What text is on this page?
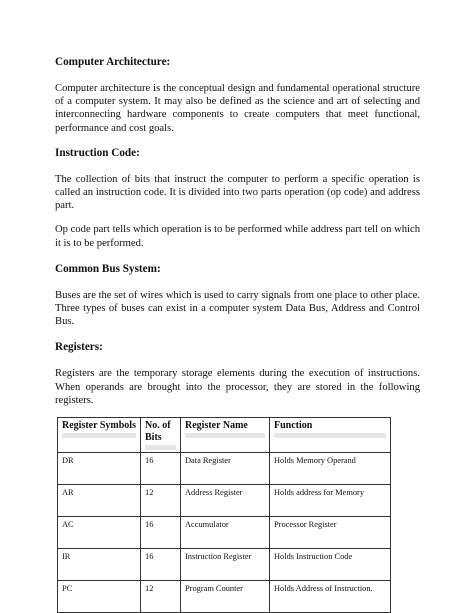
Computer Architecture:

Computer architecture is the conceptual design and fundamental operational structure of a computer system. It may also be defined as the science and art of selecting and interconnecting hardware components to create computers that meet functional, performance and cost goals.

Instruction Code:

The collection of bits that instruct the computer to perform a specific operation is called an instruction code. It is divided into two parts operation (op code) and address part.

Op code part tells which operation is to be performed while address part tell on which it is to be performed.

Common Bus System:

Buses are the set of wires which is used to carry signals from one place to other place. Three types of buses can exist in a computer system Data Bus, Address and Control Bus.

Registers:

Registers are the temporary storage elements during the execution of instructions. When operands are brought into the processor, they are stored in the following registers.

Register Symbols	No. of Bits	Register Name	Function

DR	16	Data Register	Holds Memory Operand
AR	12	Address Register	Holds address for Memory
AC	16	Accumulator	Processor Register
IR	16	Instruction Register	Holds Instruction Code
PC	12	Program Counter	Holds Address of Instruction.
